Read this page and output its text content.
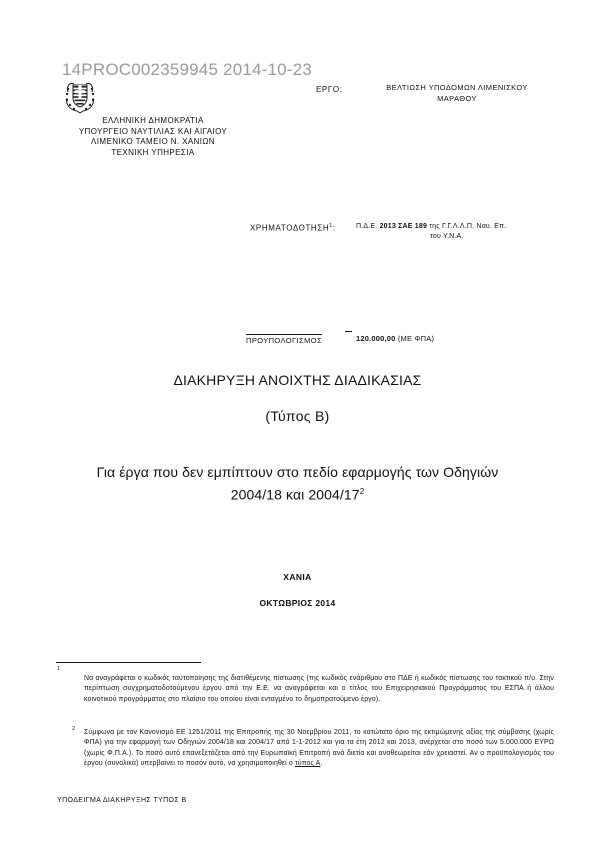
14PROC002359945 2014-10-23
ΕΡΓΟ:	ΒΕΛΤΙΩΣΗ ΥΠΟΔΟΜΩΝ ΛΙΜΕΝΙΣΚΟΥ
ΜΑΡΑΘΟΥ
ΕΛΛΗΝΙΚΗ ΔΗΜΟΚΡΑΤΙΑ
ΥΠΟΥΡΓΕΙΟ ΝΑΥΤΙΛΙΑΣ ΚΑΙ ΑΙΓΑΙΟΥ
ΛΙΜΕΝΙΚΟ ΤΑΜΕΙΟ Ν. ΧΑΝΙΩΝ
ΤΕΧΝΙΚΗ ΥΠΗΡΕΣΙΑ
ΧΡΗΜΑΤΟΔΟΤΗΣΗ$^1$:	Π.Δ.Ε. 2013 ΣΑΕ 189 της Γ.Γ.Λ.Λ.Π. Ναυ. Επ.
του Υ.Ν.Α.
ΠΡΟΥΠΟΛΟΓΙΣΜΟΣ	120.000,00 (ΜΕ ΦΠΑ)
ΔΙΑΚΗΡΥΞΗ ΑΝΟΙΧΤΗΣ ΔΙΑΔΙΚΑΣΙΑΣ
(Τύπος Β)
Για έργα που δεν εμπίπτουν στο πεδίο εφαρμογής των Οδηγιών
2004/18 και $2004/17^2$
ΧΑΝΙΑ
ΟΚΤΩΒΡΙΟΣ 2014
1
Να αναγράφεται ο κωδικός ταυτοποίησης της διατιθέμενης πίστωσης (της κωδικός ενάριθμου στο ΠΔΕ ή κωδικός πίστωσης του τακτικού π/υ. Στην περίπτωση συγχρηματοδοτούμενου έργου από την Ε.Ε. να αναγράφεται και ο τίτλος του Επιχειρησιακού Προγράμματος του ΕΣΠΑ ή άλλου κοινοτικού προγράμματος στο πλαίσιο του οποίου είναι ενταγμένο το δημοπρατούμενο έργο).
2 Σύμφωνα με τον Κανονισμό ΕΕ 1251/2011 της Επιτροπής της 30 Νοεμβρίου 2011, το κατώτατο όριο της εκτιμώμενης αξίας της σύμβασης (χωρίς ΦΠΑ) για την εφαρμογή των Οδηγιών 2004/18 και 2004/17 από 1-1-2012 και για τα έτη 2012 και 2013, ανέρχεται στο ποσό των 5.000.000 ΕΥΡΩ (χωρίς Φ.Π.Α.). Το ποσό αυτό επανεξετάζεται από την Ευρωπαϊκή Επιτροπή ανά διετία και αναθεωρείται εάν χρειαστεί. Αν ο προϋπολογισμός του έργου (συνολικά) υπερβαίνει το ποσόν αυτό, να χρησιμοποιηθεί ο τύπος Α.
ΥΠΟΔΕΙΓΜΑ ΔΙΑΚΗΡΥΞΗΣ ΤΥΠΟΣ Β
